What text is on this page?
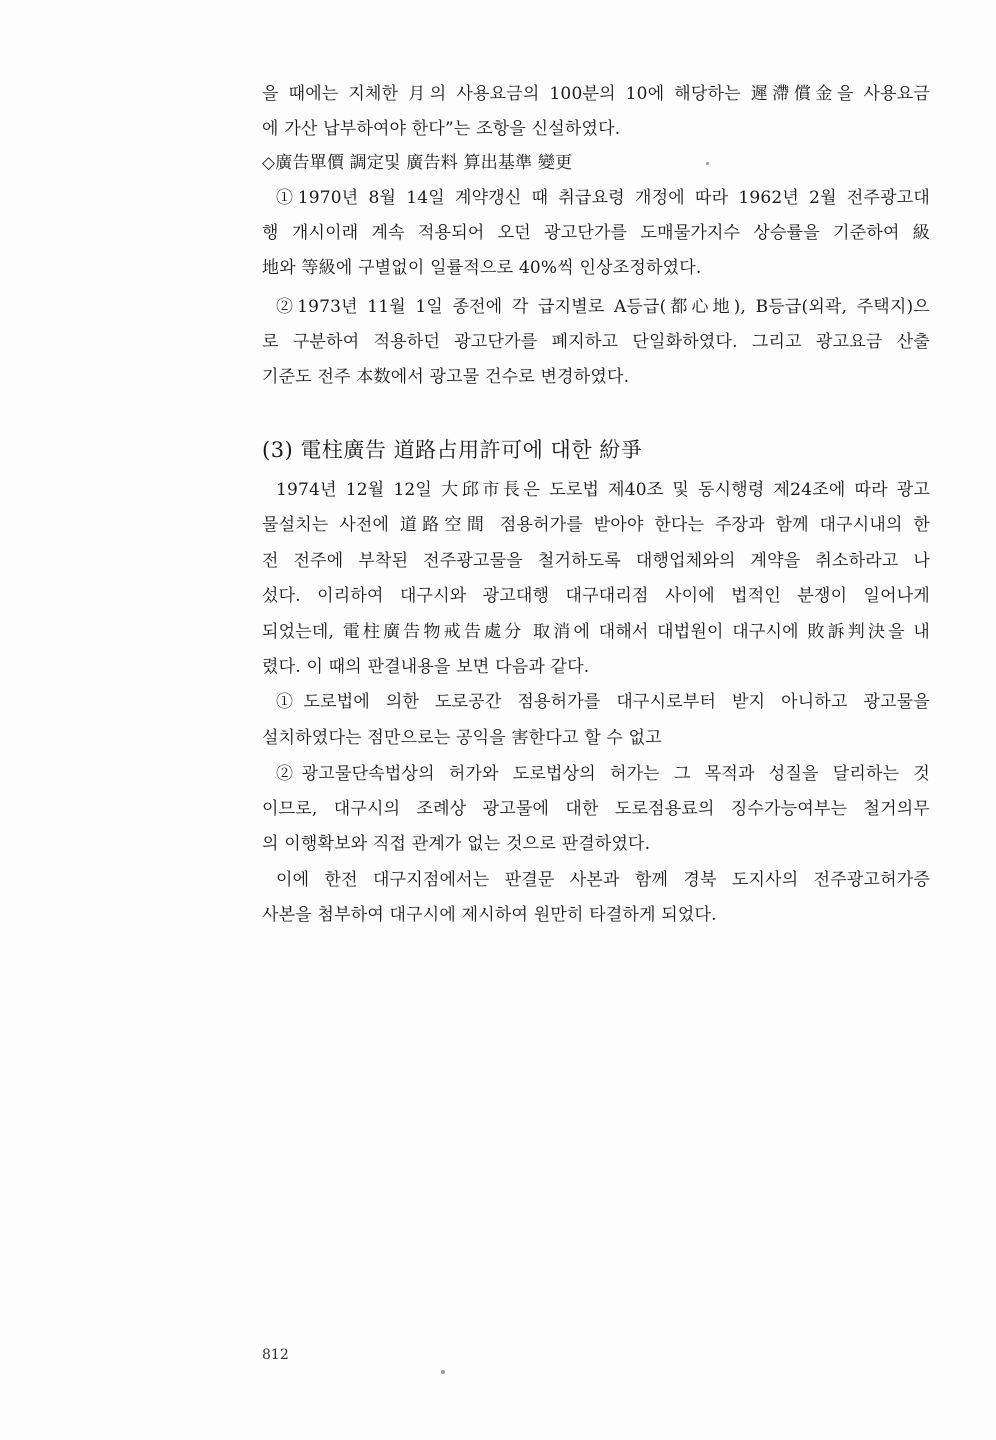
을 때에는 지체한 月의 사용요금의 100분의 10에 해당하는 遲滯償金을 사용요금
에 가산 납부하여야 한다”는 조항을 신설하였다.
◇廣告單價 調定및 廣告料 算出基準 變更
①1970년 8월 14일 계약갱신 때 취급요령 개정에 따라 1962년 2월 전주광고대
행 개시이래 계속 적용되어 오던 광고단가를 도매물가지수 상승률을 기준하여 級
地와 等級에 구별없이 일률적으로 40%씩 인상조정하였다.
②1973년 11월 1일 종전에 각 급지별로 A등급(都心地), B등급(외곽, 주택지)으
로 구분하여 적용하던 광고단가를 폐지하고 단일화하였다. 그리고 광고요금 산출
기준도 전주 本数에서 광고물 건수로 변경하였다.
(3) 電柱廣告 道路占用許可에 대한 紛爭
1974년 12월 12일 大邱市長은 도로법 제40조 및 동시행령 제24조에 따라 광고
물설치는 사전에 道路空間 점용허가를 받아야 한다는 주장과 함께 대구시내의 한
전 전주에 부착된 전주광고물을 철거하도록 대행업체와의 계약을 취소하라고 나
섰다. 이리하여 대구시와 광고대행 대구대리점 사이에 법적인 분쟁이 일어나게
되었는데, 電柱廣告物戒告處分 取消에 대해서 대법원이 대구시에 敗訴判決을 내
렸다. 이 때의 판결내용을 보면 다음과 같다.
①도로법에 의한 도로공간 점용허가를 대구시로부터 받지 아니하고 광고물을
설치하였다는 점만으로는 공익을 害한다고 할 수 없고
②광고물단속법상의 허가와 도로법상의 허가는 그 목적과 성질을 달리하는 것
이므로, 대구시의 조례상 광고물에 대한 도로점용료의 징수가능여부는 철거의무
의 이행확보와 직접 관계가 없는 것으로 판결하였다.
이에 한전 대구지점에서는 판결문 사본과 함께 경북 도지사의 전주광고허가증
사본을 첨부하여 대구시에 제시하여 원만히 타결하게 되었다.
812
